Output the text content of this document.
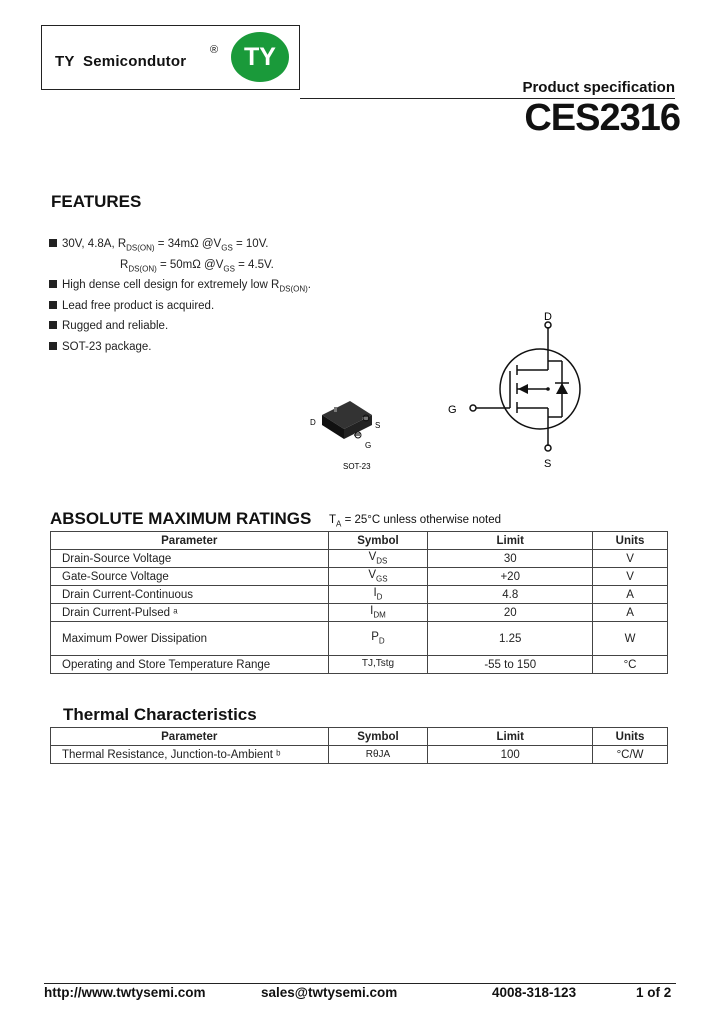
TY  Semicondutor
®	TY
Product specification
CES2316
FEATURES
30V, 4.8A, $R_{DS(ON)} = 34m\Omega$ $@V_{GS} = 10V$.
$R_{DS(ON)} = 50m\Omega$ $@V_{GS} = 4.5V$.
High dense cell design for extremely low $R_{DS(ON)}$.
Lead free product is acquired.
Rugged and reliable.
SOT-23 package.
D	S
G
SOT-23
D
G
S
ABSOLUTE MAXIMUM RATINGS $T_A = 25^\circ C$ unless otherwise noted
Parameter	Symbol	Limit	Units
Drain-Source Voltage	$V_{DS}$	30	V
Gate-Source Voltage	$V_{GS}$	+20	V
Drain Current-Continuous	$I_D$	4.8	A
Drain Current-Pulsed ᵃ	$I_{DM}$	20	A
Maximum Power Dissipation	$P_D$	1.25	W
Operating and Store Temperature Range	TJ,Tstg	-55 to 150	°C
Thermal Characteristics
Parameter	Symbol	Limit	Units
Thermal Resistance, Junction-to-Ambient ᵇ	RθJA	100	°C/W
http://www.twtysemi.com	sales@twtysemi.com	4008-318-123	1 of 2
